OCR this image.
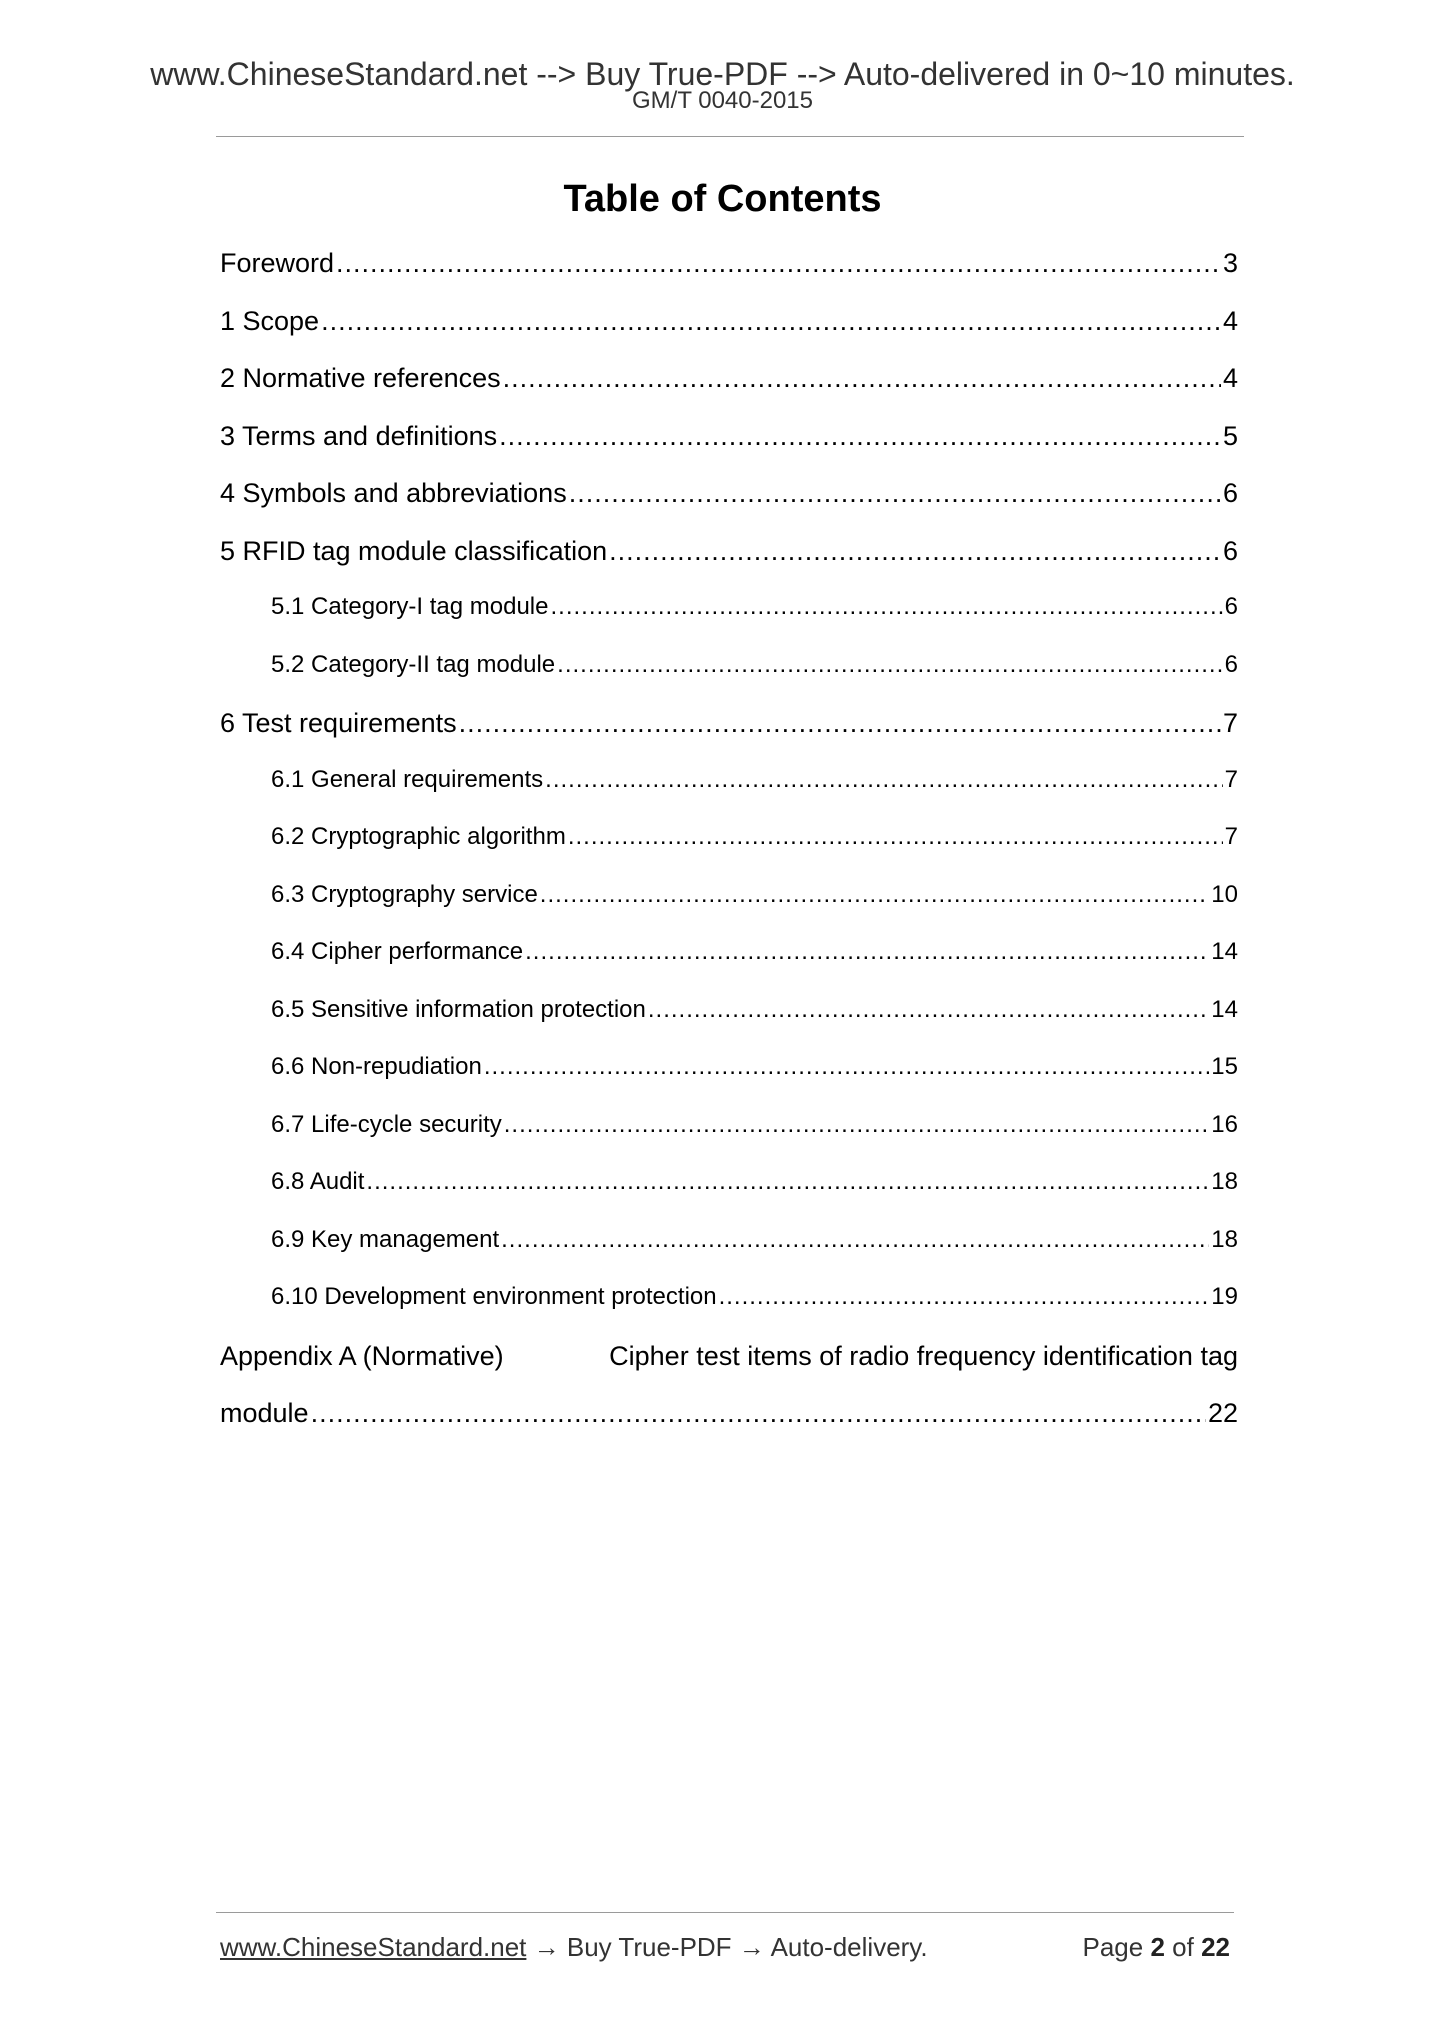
www.ChineseStandard.net --> Buy True-PDF --> Auto-delivered in 0~10 minutes.
GM/T 0040-2015
Table of Contents
Foreword .....	3
1 Scope .....	4
2 Normative references .....	4
3 Terms and definitions .....	5
4 Symbols and abbreviations .....	6
5 RFID tag module classification .....	6
5.1 Category-I tag module .....	6
5.2 Category-II tag module .....	6
6 Test requirements .....	7
6.1 General requirements .....	7
6.2 Cryptographic algorithm .....	7
6.3 Cryptography service .....	10
6.4 Cipher performance .....	14
6.5 Sensitive information protection .....	14
6.6 Non-repudiation .....	15
6.7 Life-cycle security .....	16
6.8 Audit .....	18
6.9 Key management .....	18
6.10 Development environment protection .....	19
Appendix A (Normative)	Cipher test items of radio frequency identification tag
module .....	22
www.ChineseStandard.net → Buy True-PDF → Auto-delivery.	Page 2 of 22
